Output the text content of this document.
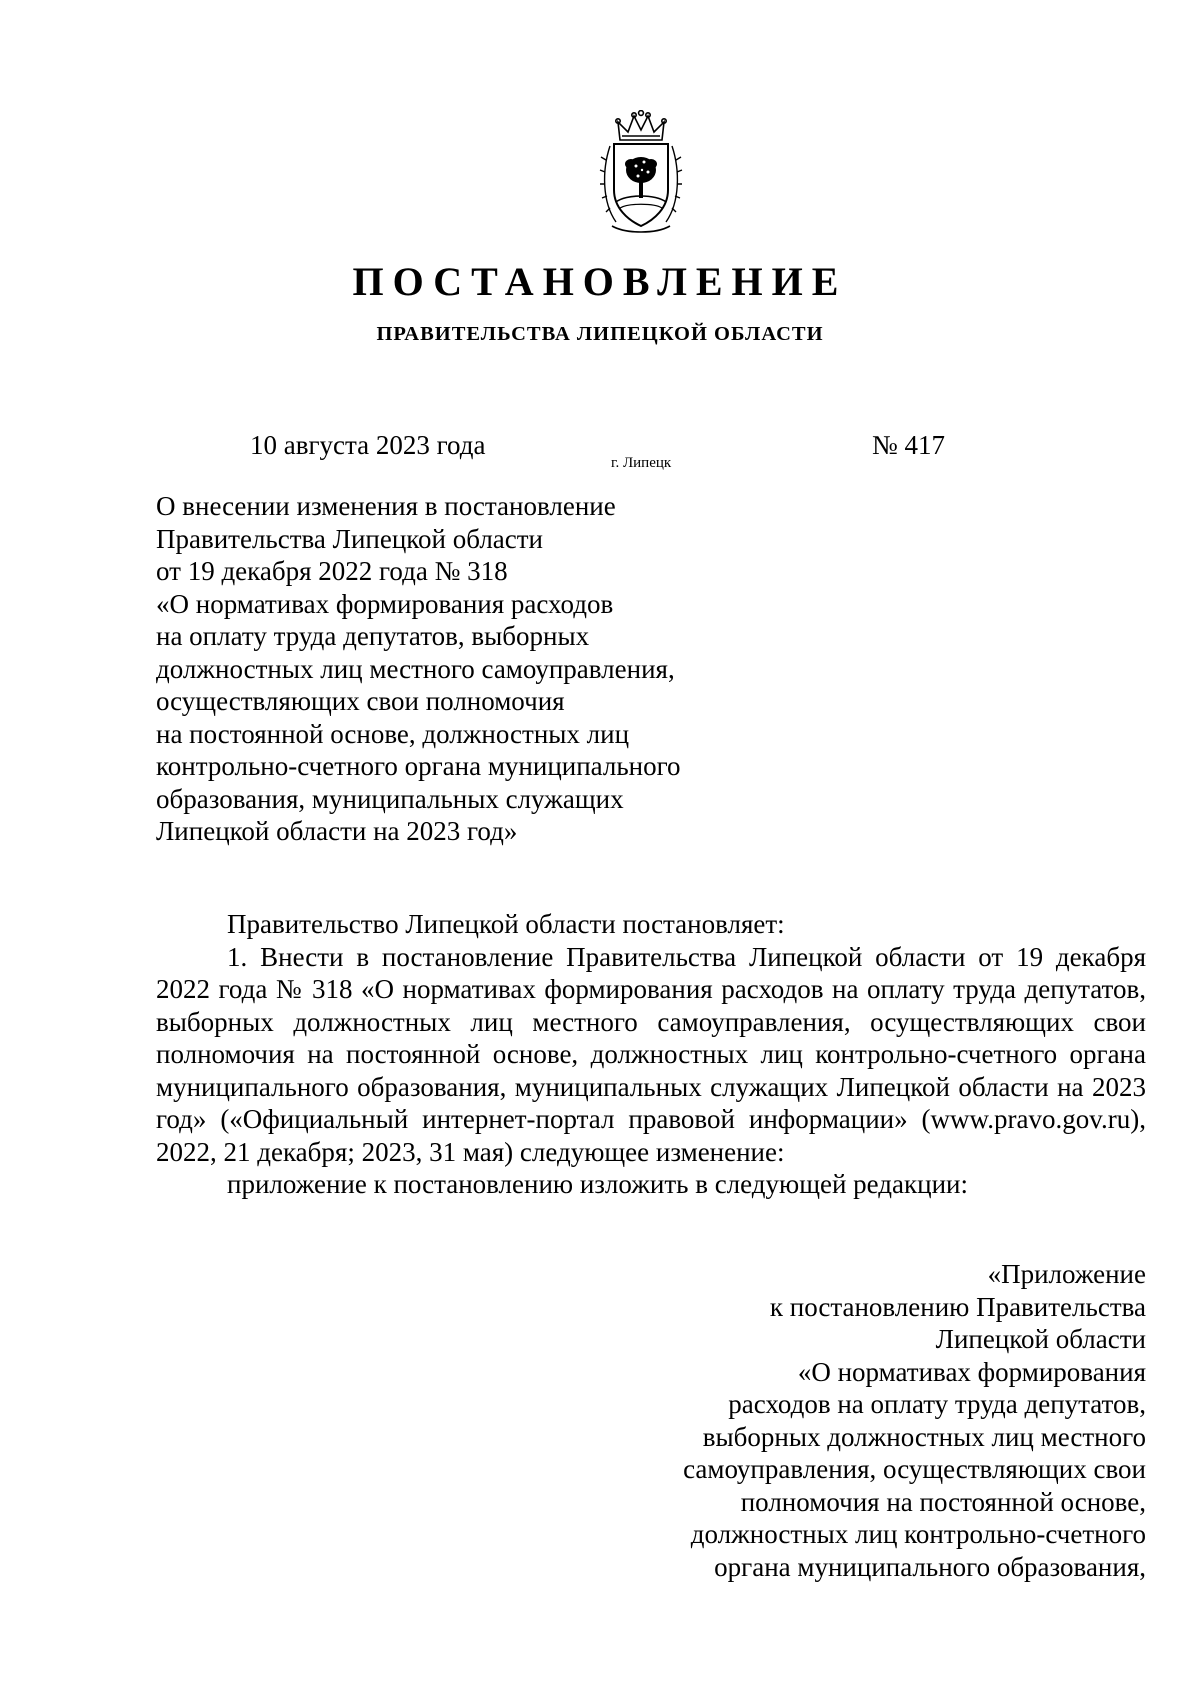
ПОСТАНОВЛЕНИЕ
ПРАВИТЕЛЬСТВА ЛИПЕЦКОЙ ОБЛАСТИ
10 августа 2023 года
г. Липецк
№ 417
О внесении изменения в постановление
Правительства Липецкой области
от 19 декабря 2022 года № 318
«О нормативах формирования расходов
на оплату труда депутатов, выборных
должностных лиц местного самоуправления,
осуществляющих свои полномочия
на постоянной основе, должностных лиц
контрольно-счетного органа муниципального
образования, муниципальных служащих
Липецкой области на 2023 год»

Правительство Липецкой области постановляет:

1. Внести в постановление Правительства Липецкой области от 19 декабря 2022 года № 318 «О нормативах формирования расходов на оплату труда депутатов, выборных должностных лиц местного самоуправления, осуществляющих свои полномочия на постоянной основе, должностных лиц контрольно-счетного органа муниципального образования, муниципальных служащих Липецкой области на 2023 год» («Официальный интернет-портал правовой информации» (www.pravo.gov.ru), 2022, 21 декабря; 2023, 31 мая) следующее изменение:

приложение к постановлению изложить в следующей редакции:

«Приложение
к постановлению Правительства
Липецкой области
«О нормативах формирования
расходов на оплату труда депутатов,
выборных должностных лиц местного
самоуправления, осуществляющих свои
полномочия на постоянной основе,
должностных лиц контрольно-счетного
органа муниципального образования,
